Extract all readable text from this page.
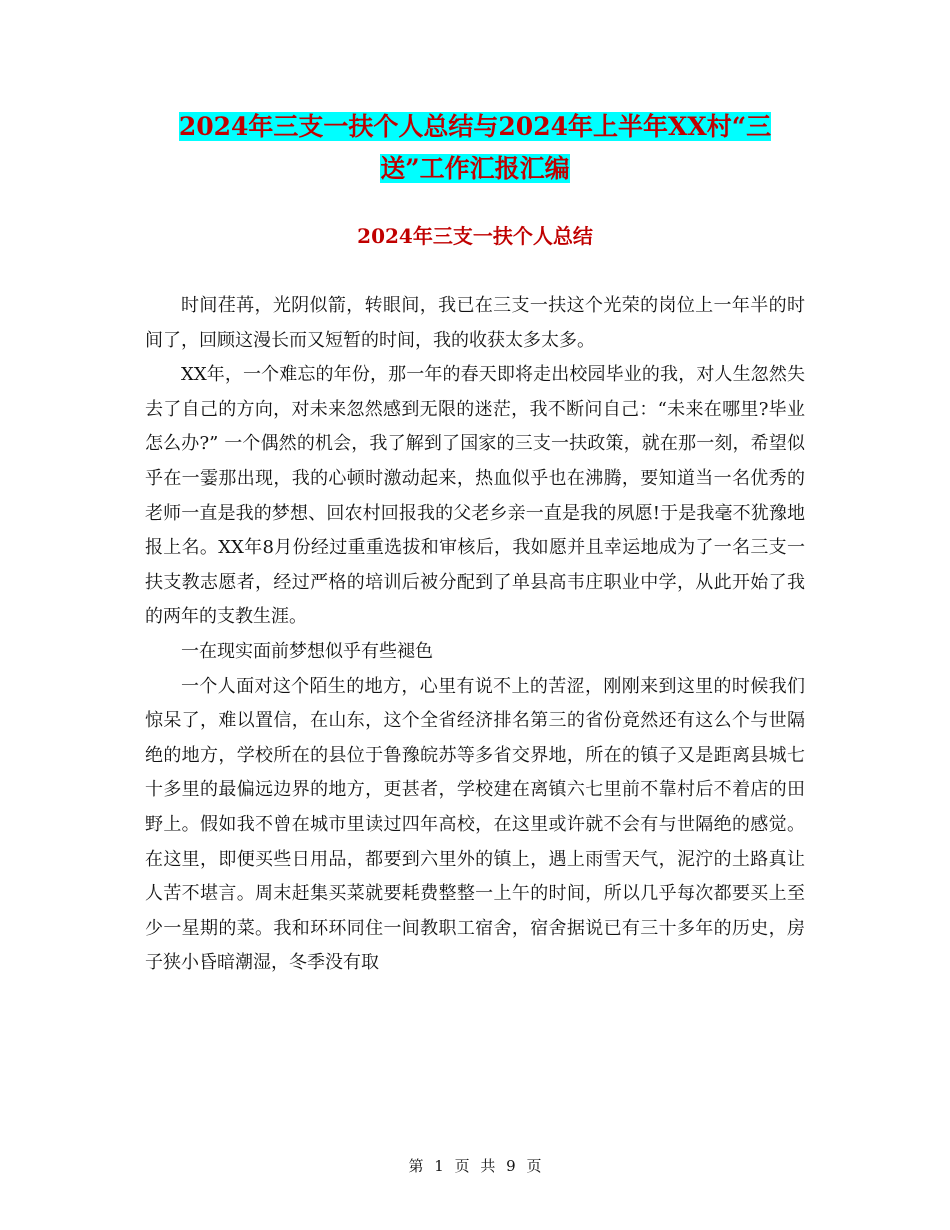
2024年三支一扶个人总结与2024年上半年XX村“三
送”工作汇报汇编
2024年三支一扶个人总结

时间荏苒，光阴似箭，转眼间，我已在三支一扶这个光荣的岗位上一年半的时间了，回顾这漫长而又短暂的时间，我的收获太多太多。

XX年，一个难忘的年份，那一年的春天即将走出校园毕业的我，对人生忽然失去了自己的方向，对未来忽然感到无限的迷茫，我不断问自己：“未来在哪里?毕业怎么办?” 一个偶然的机会，我了解到了国家的三支一扶政策，就在那一刻，希望似乎在一霎那出现，我的心顿时激动起来，热血似乎也在沸腾，要知道当一名优秀的老师一直是我的梦想、回农村回报我的父老乡亲一直是我的夙愿!于是我毫不犹豫地报上名。XX年8月份经过重重选拔和审核后，我如愿并且幸运地成为了一名三支一扶支教志愿者，经过严格的培训后被分配到了单县高韦庄职业中学，从此开始了我的两年的支教生涯。

一在现实面前梦想似乎有些褪色

一个人面对这个陌生的地方，心里有说不上的苦涩，刚刚来到这里的时候我们惊呆了，难以置信，在山东，这个全省经济排名第三的省份竟然还有这么个与世隔绝的地方，学校所在的县位于鲁豫皖苏等多省交界地，所在的镇子又是距离县城七十多里的最偏远边界的地方，更甚者，学校建在离镇六七里前不靠村后不着店的田野上。假如我不曾在城市里读过四年高校，在这里或许就不会有与世隔绝的感觉。在这里，即便买些日用品，都要到六里外的镇上，遇上雨雪天气，泥泞的土路真让人苦不堪言。周末赶集买菜就要耗费整整一上午的时间，所以几乎每次都要买上至少一星期的菜。我和环环同住一间教职工宿舍，宿舍据说已有三十多年的历史，房子狭小昏暗潮湿，冬季没有取

第 1 页 共 9 页
